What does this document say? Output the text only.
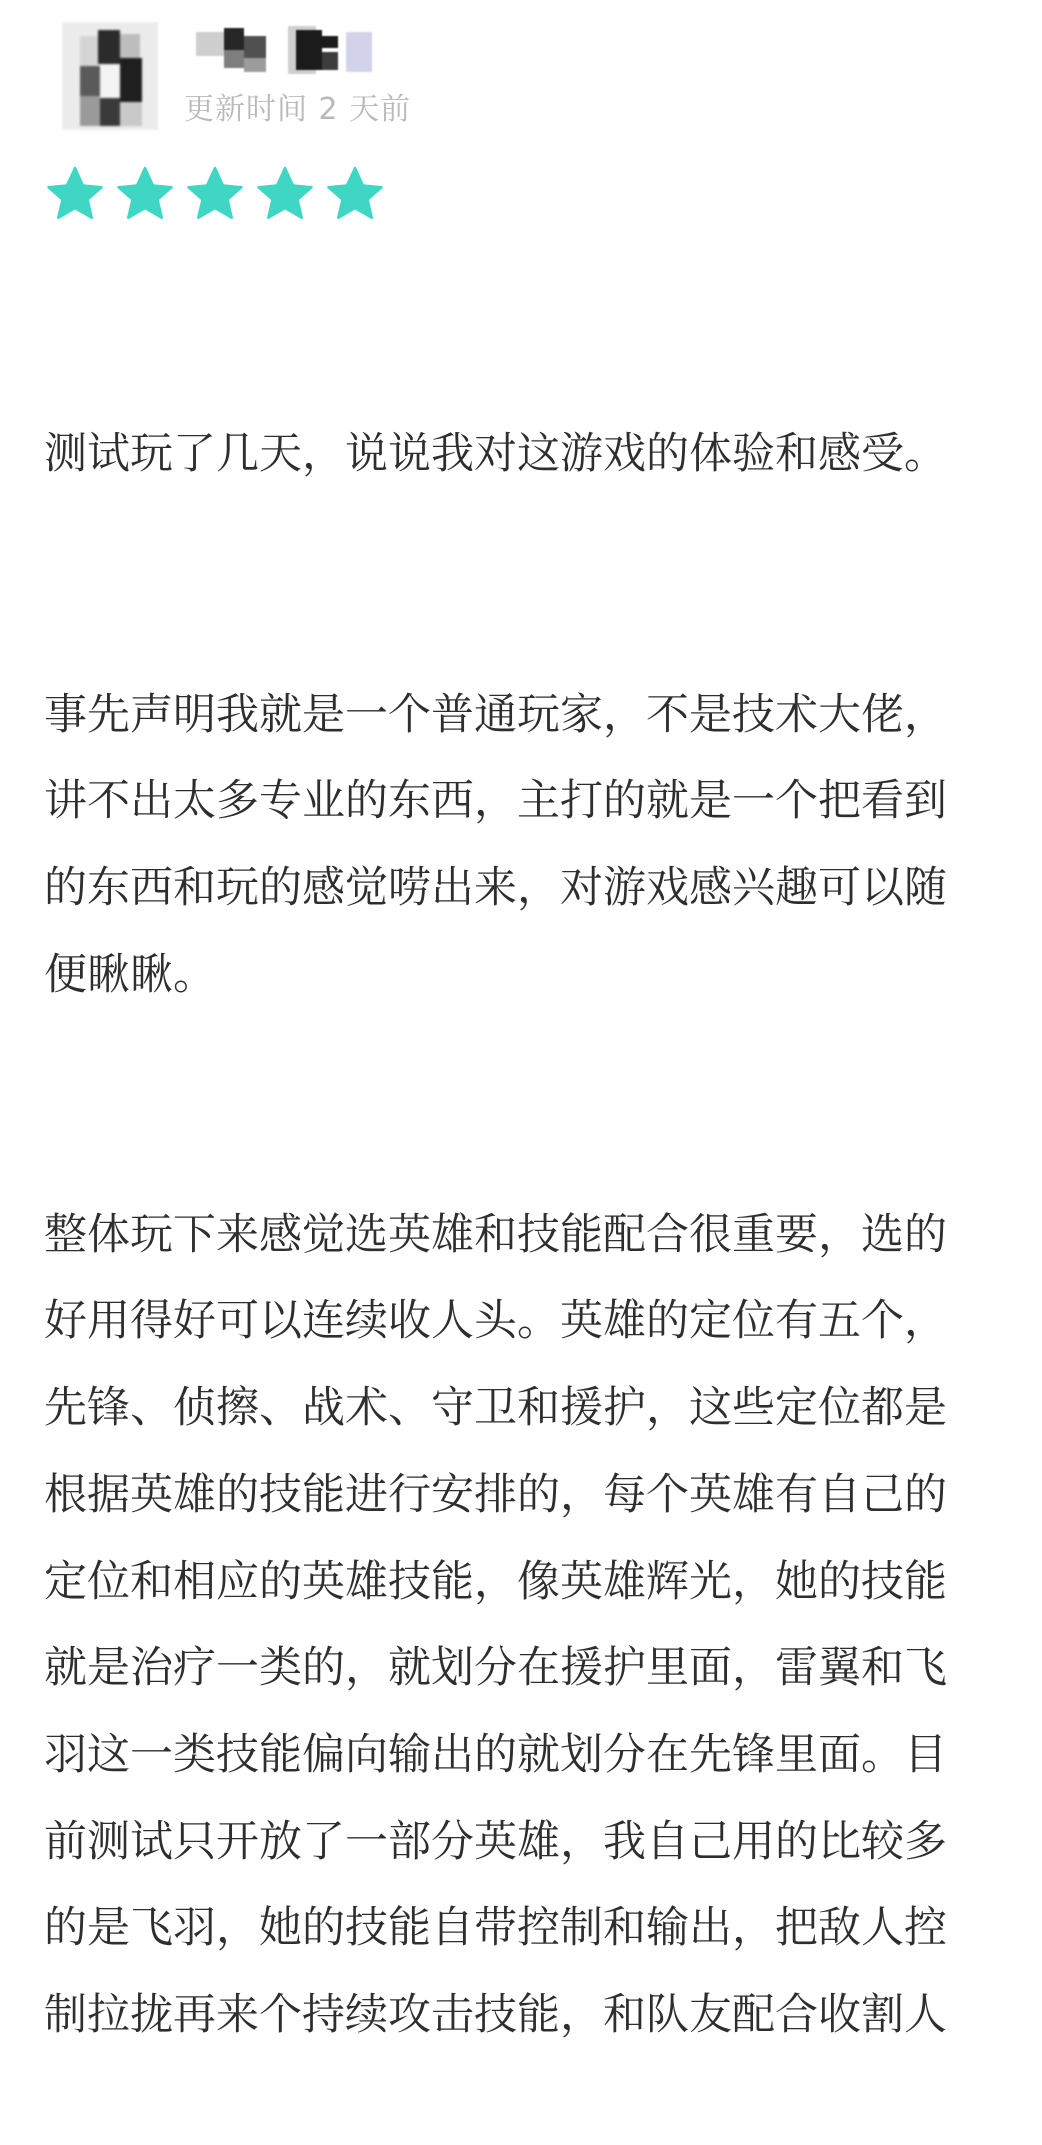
更新时间 2 天前

测试玩了几天，说说我对这游戏的体验和感受。

事先声明我就是一个普通玩家，不是技术大佬，讲不出太多专业的东西，主打的就是一个把看到的东西和玩的感觉唠出来，对游戏感兴趣可以随便瞅瞅。

整体玩下来感觉选英雄和技能配合很重要，选的好用得好可以连续收人头。英雄的定位有五个，先锋、侦擦、战术、守卫和援护，这些定位都是根据英雄的技能进行安排的，每个英雄有自己的定位和相应的英雄技能，像英雄辉光，她的技能就是治疗一类的，就划分在援护里面，雷翼和飞羽这一类技能偏向输出的就划分在先锋里面。目前测试只开放了一部分英雄，我自己用的比较多的是飞羽，她的技能自带控制和输出，把敌人控制拉拢再来个持续攻击技能，和队友配合收割人
